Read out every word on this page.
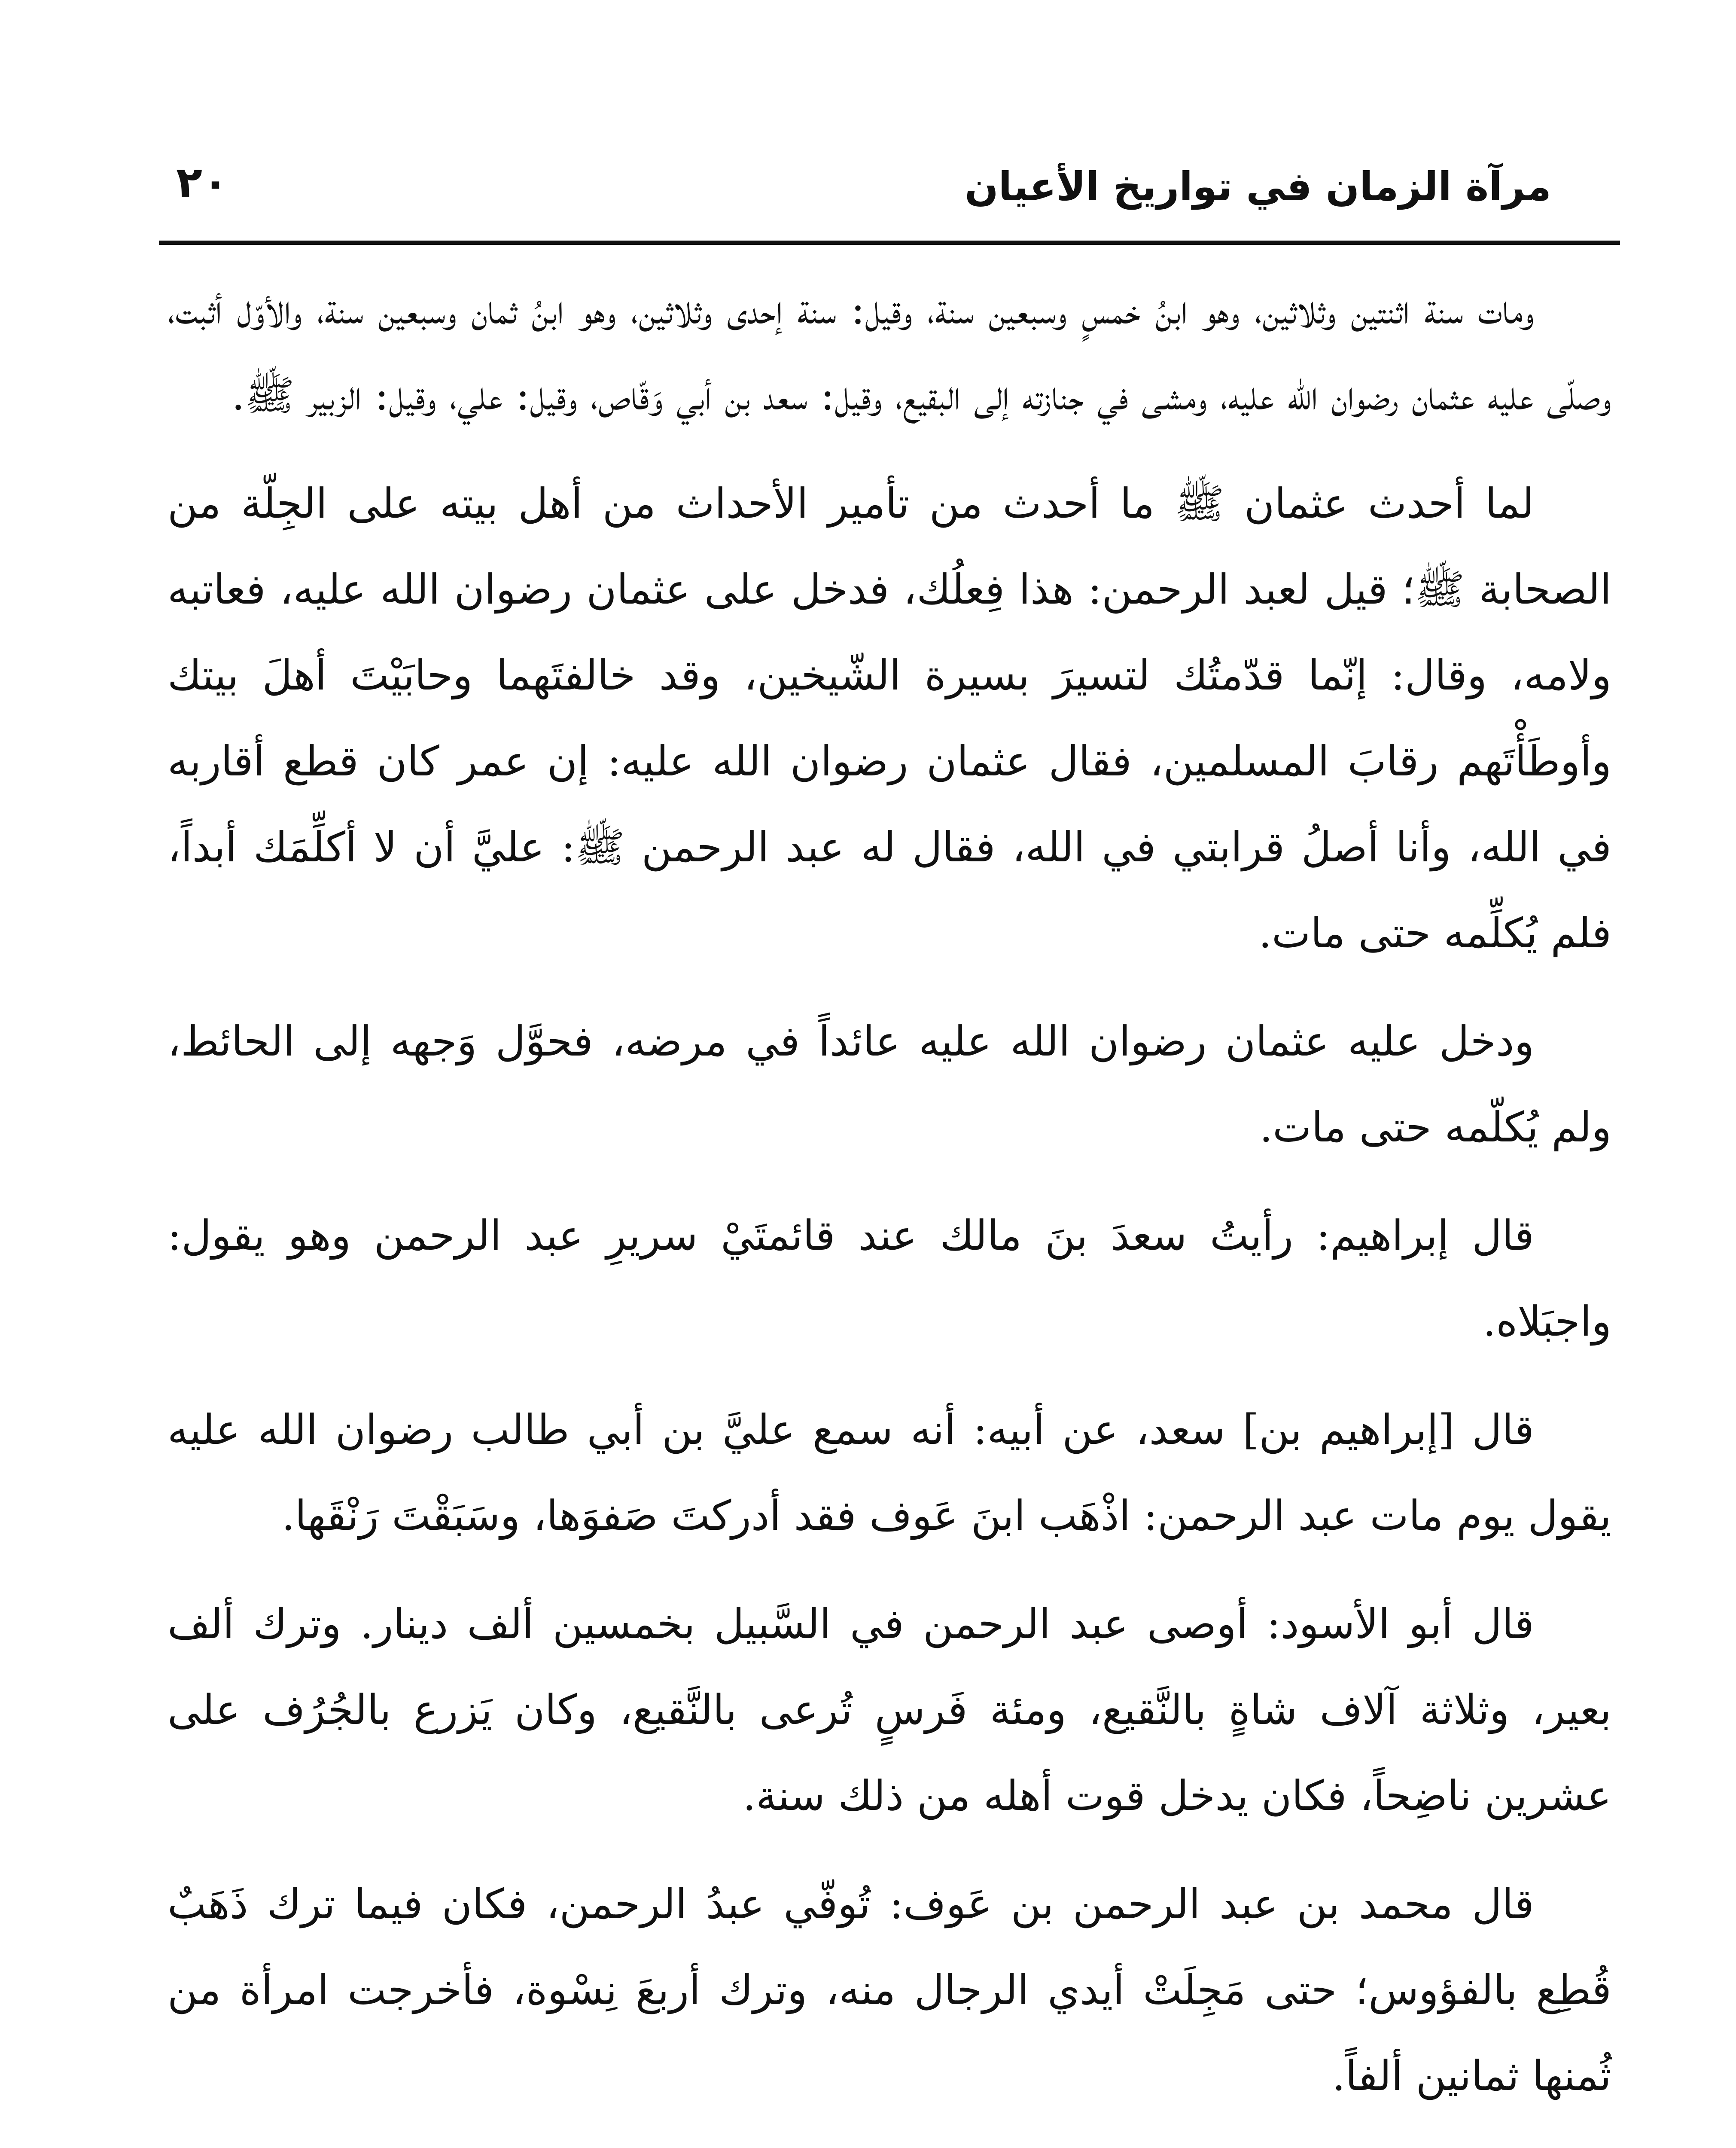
مرآة الزمان في تواريخ الأعيان
٢٠

ومات سنة اثنتين وثلاثين، وهو ابنُ خمسٍ وسبعين سنة، وقيل: سنة إحدى وثلاثين، وهو ابنُ ثمان وسبعين سنة، والأوّل أثبت، وصلّى عليه عثمان رضوان الله عليه، ومشى في جنازته إلى البقيع، وقيل: سعد بن أبي وَقّاص، وقيل: علي، وقيل: الزبير ﷺ.

لما أحدث عثمان ﷺ ما أحدث من تأمير الأحداث من أهل بيته على الجِلّة من الصحابة ﷺ؛ قيل لعبد الرحمن: هذا فِعلُك، فدخل على عثمان رضوان الله عليه، فعاتبه ولامه، وقال: إنّما قدّمتُك لتسيرَ بسيرة الشّيخين، وقد خالفتَهما وحابَيْتَ أهلَ بيتك وأوطَأْتَهم رقابَ المسلمين، فقال عثمان رضوان الله عليه: إن عمر كان قطع أقاربه في الله، وأنا أصلُ قرابتي في الله، فقال له عبد الرحمن ﷺ: عليَّ أن لا أكلِّمَك أبداً، فلم يُكلِّمه حتى مات.

ودخل عليه عثمان رضوان الله عليه عائداً في مرضه، فحوَّل وَجهه إلى الحائط، ولم يُكلّمه حتى مات.

قال إبراهيم: رأيتُ سعدَ بنَ مالك عند قائمتَيْ سريرِ عبد الرحمن وهو يقول: واجبَلاه.

قال [إبراهيم بن] سعد، عن أبيه: أنه سمع عليَّ بن أبي طالب رضوان الله عليه يقول يوم مات عبد الرحمن: اذْهَب ابنَ عَوف فقد أدركتَ صَفوَها، وسَبَقْتَ رَنْقَها.

قال أبو الأسود: أوصى عبد الرحمن في السَّبيل بخمسين ألف دينار. وترك ألف بعير، وثلاثة آلاف شاةٍ بالنَّقيع، ومئة فَرسٍ تُرعى بالنَّقيع، وكان يَزرع بالجُرُف على عشرين ناضِحاً، فكان يدخل قوت أهله من ذلك سنة.

قال محمد بن عبد الرحمن بن عَوف: تُوفّي عبدُ الرحمن، فكان فيما ترك ذَهَبٌ قُطِع بالفؤوس؛ حتى مَجِلَتْ أيدي الرجال منه، وترك أربعَ نِسْوة، فأخرجت امرأة من ثُمنها ثمانين ألفاً.
